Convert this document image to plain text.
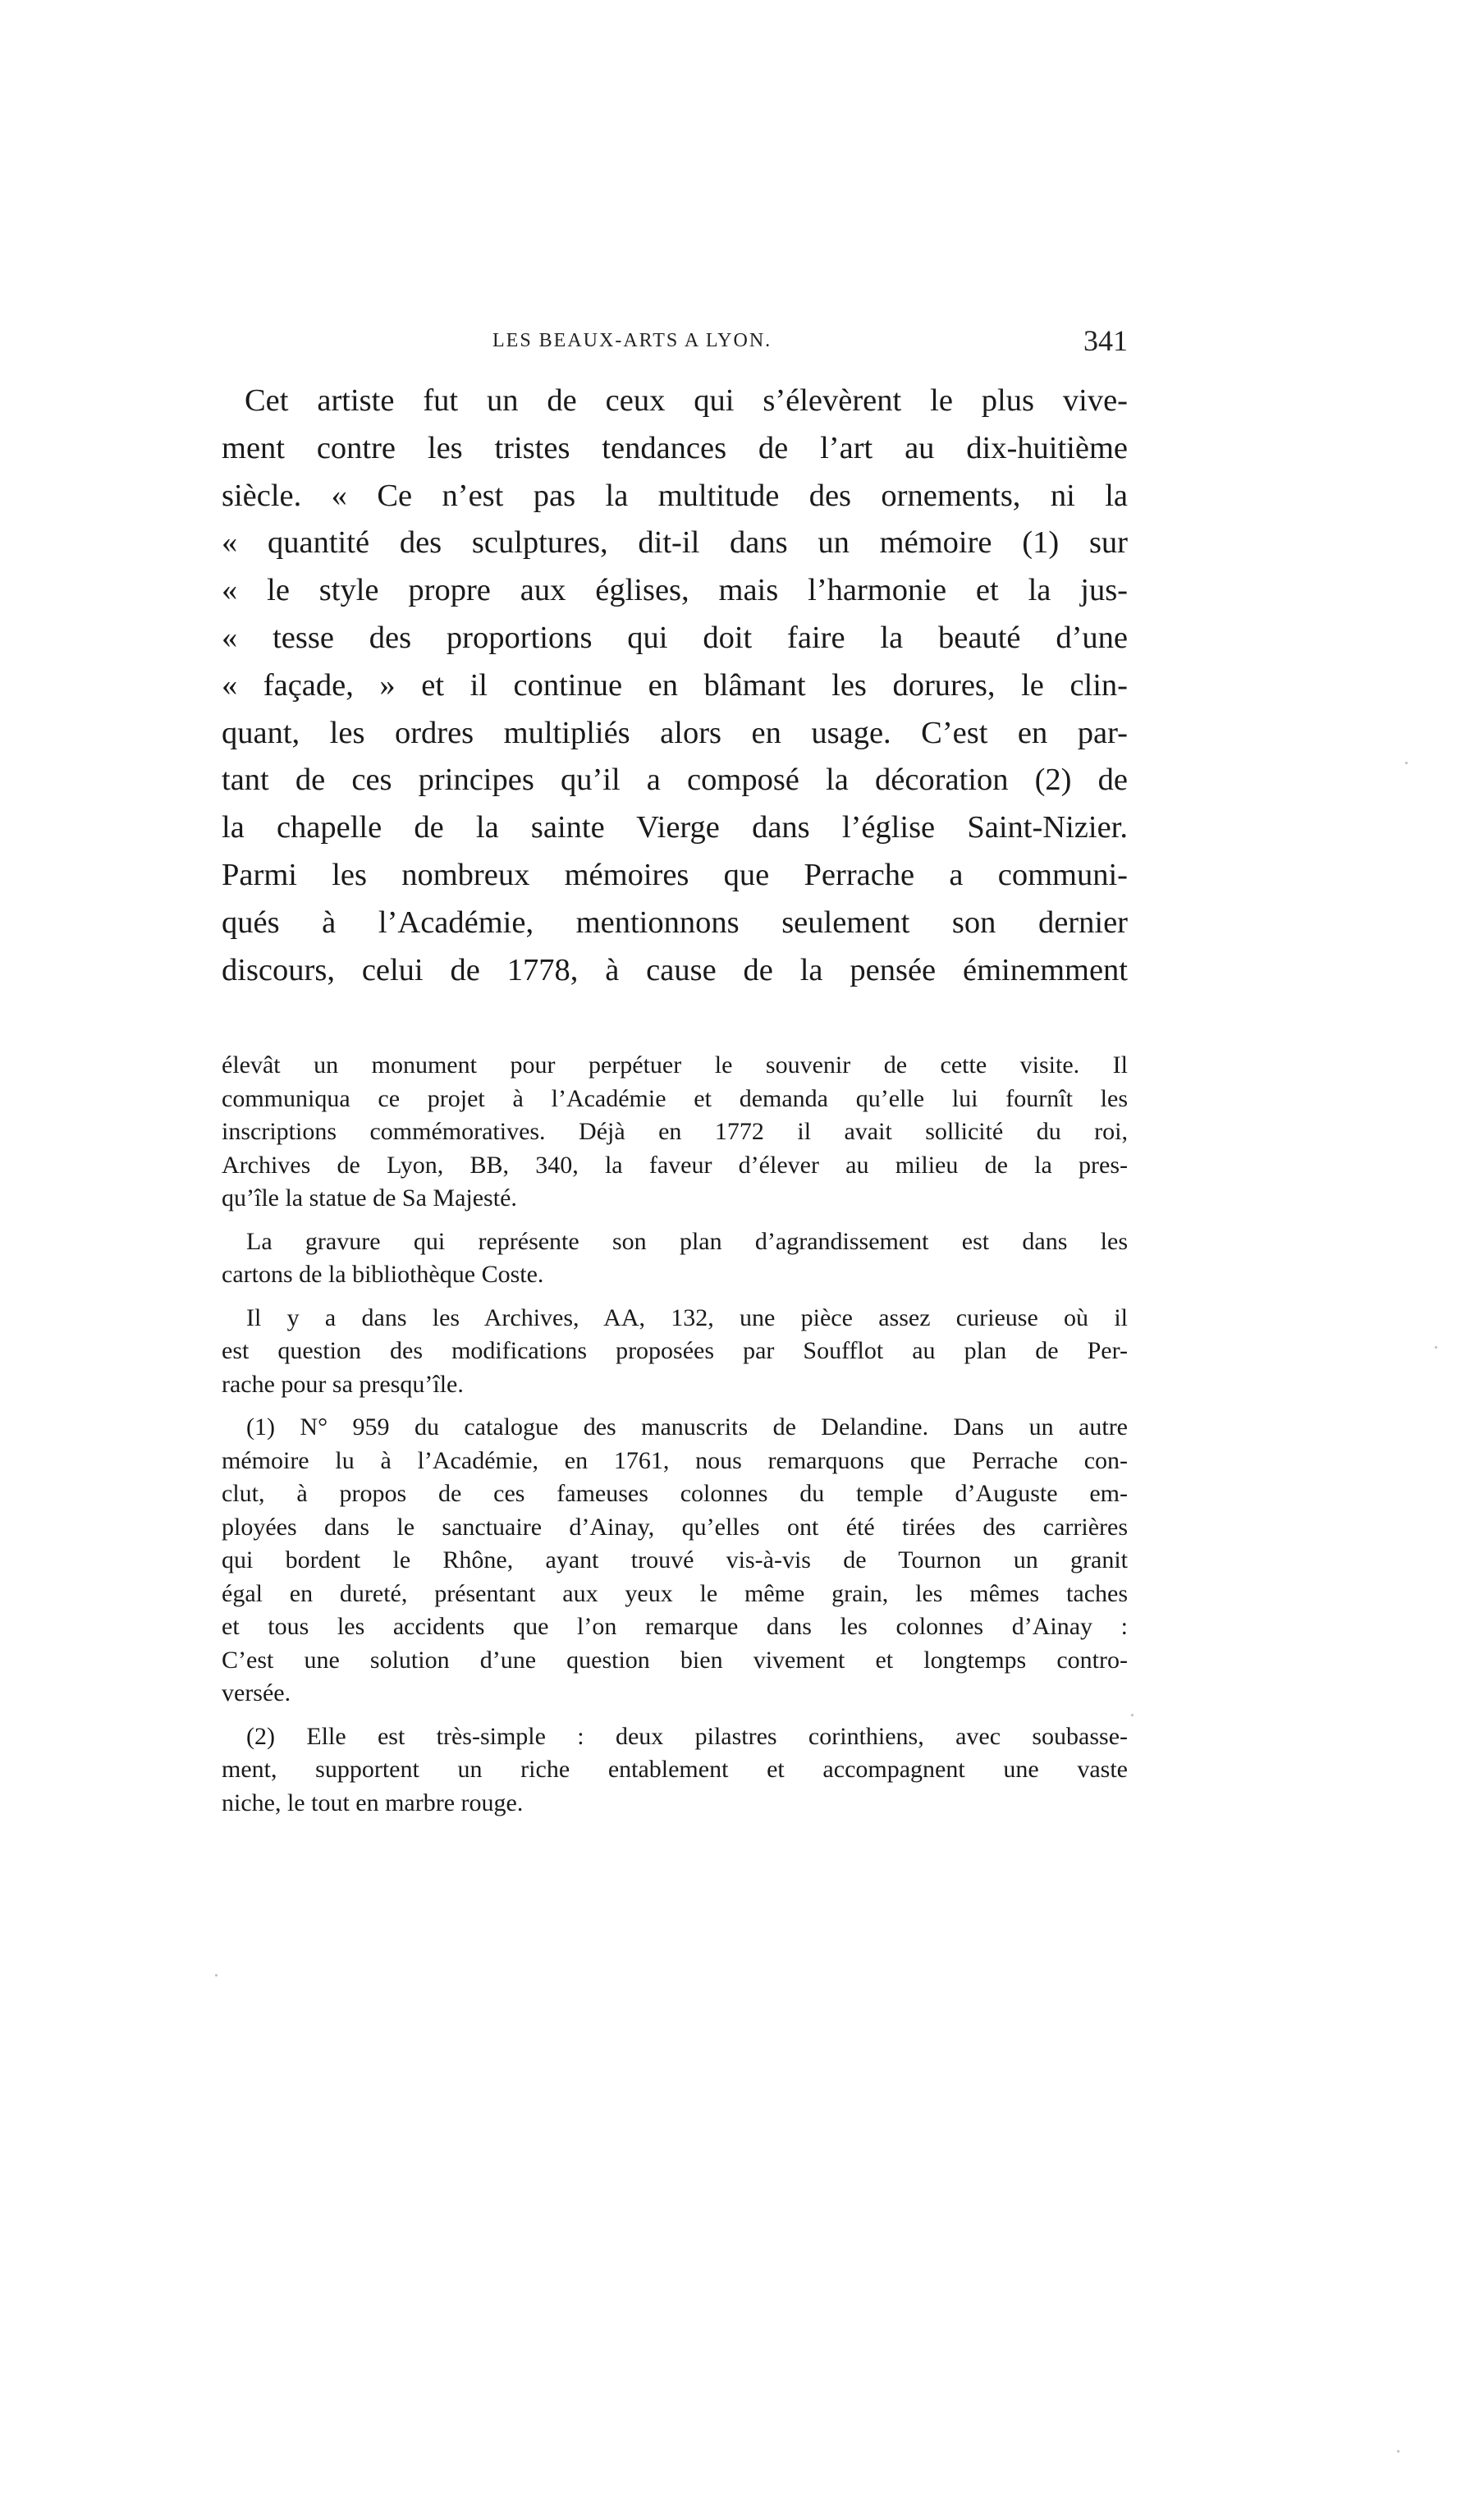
LES BEAUX-ARTS A LYON.	341
Cet artiste fut un de ceux qui s’élevèrent le plus vive-
ment contre les tristes tendances de l’art au dix-huitième
siècle. « Ce n’est pas la multitude des ornements, ni la
« quantité des sculptures, dit-il dans un mémoire (1) sur
« le style propre aux églises, mais l’harmonie et la jus-
« tesse des proportions qui doit faire la beauté d’une
« façade, » et il continue en blâmant les dorures, le clin-
quant, les ordres multipliés alors en usage. C’est en par-
tant de ces principes qu’il a composé la décoration (2) de
la chapelle de la sainte Vierge dans l’église Saint-Nizier.
Parmi les nombreux mémoires que Perrache a communi-
qués à l’Académie, mentionnons seulement son dernier
discours, celui de 1778, à cause de la pensée éminemment
élevât un monument pour perpétuer le souvenir de cette visite. Il
communiqua ce projet à l’Académie et demanda qu’elle lui fournît les
inscriptions commémoratives. Déjà en 1772 il avait sollicité du roi,
Archives de Lyon, BB, 340, la faveur d’élever au milieu de la pres-
qu’île la statue de Sa Majesté.
La gravure qui représente son plan d’agrandissement est dans les
cartons de la bibliothèque Coste.
Il y a dans les Archives, AA, 132, une pièce assez curieuse où il
est question des modifications proposées par Soufflot au plan de Per-
rache pour sa presqu’île.
(1) N° 959 du catalogue des manuscrits de Delandine. Dans un autre
mémoire lu à l’Académie, en 1761, nous remarquons que Perrache con-
clut, à propos de ces fameuses colonnes du temple d’Auguste em-
ployées dans le sanctuaire d’Ainay, qu’elles ont été tirées des carrières
qui bordent le Rhône, ayant trouvé vis-à-vis de Tournon un granit
égal en dureté, présentant aux yeux le même grain, les mêmes taches
et tous les accidents que l’on remarque dans les colonnes d’Ainay :
C’est une solution d’une question bien vivement et longtemps contro-
versée.
(2) Elle est très-simple : deux pilastres corinthiens, avec soubasse-
ment, supportent un riche entablement et accompagnent une vaste
niche, le tout en marbre rouge.
